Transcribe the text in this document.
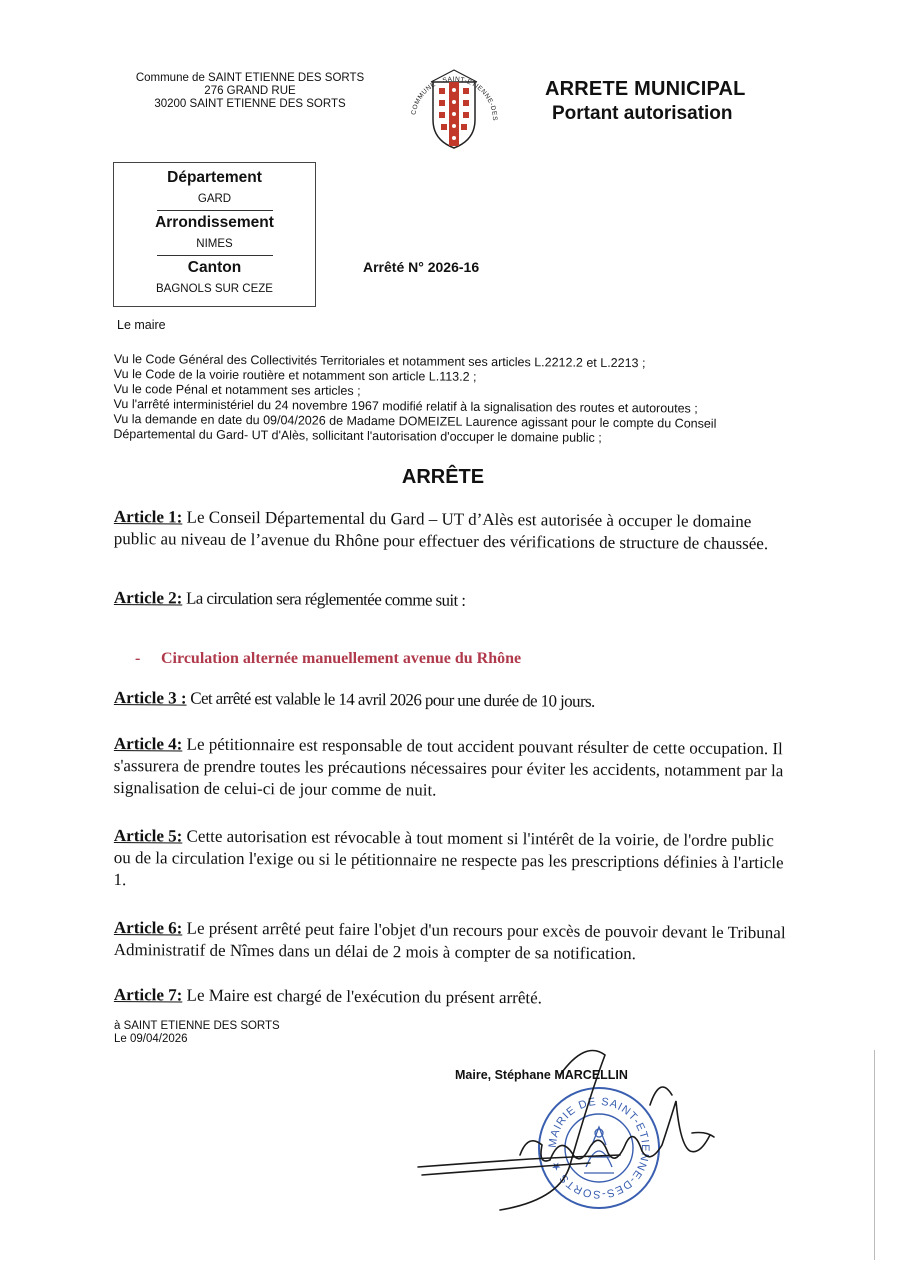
Commune de SAINT ETIENNE DES SORTS
276 GRAND RUE
30200 SAINT ETIENNE DES SORTS
COMMUNE · SAINT-ETIENNE-DES
ARRETE MUNICIPAL
Portant autorisation
Département
GARD
Arrondissement
NIMES
Canton
BAGNOLS SUR CEZE
Arrêté N° 2026-16
Le maire
Vu le Code Général des Collectivités Territoriales et notamment ses articles L.2212.2 et L.2213 ;
Vu le Code de la voirie routière et notamment son article L.113.2 ;
Vu le code Pénal et notamment ses articles ;
Vu l'arrêté interministériel du 24 novembre 1967 modifié relatif à la signalisation des routes et autoroutes ;
Vu la demande en date du 09/04/2026 de Madame DOMEIZEL Laurence agissant pour le compte du Conseil
Départemental du Gard- UT d'Alès, sollicitant l'autorisation d'occuper le domaine public ;
ARRÊTE
Article 1: Le Conseil Départemental du Gard – UT d’Alès est autorisée à occuper le domaine public au niveau de l’avenue du Rhône pour effectuer des vérifications de structure de chaussée.
Article 2: La circulation sera réglementée comme suit :
- Circulation alternée manuellement avenue du Rhône
Article 3 : Cet arrêté est valable le 14 avril 2026 pour une durée de 10 jours.
Article 4: Le pétitionnaire est responsable de tout accident pouvant résulter de cette occupation. Il s'assurera de prendre toutes les précautions nécessaires pour éviter les accidents, notamment par la signalisation de celui-ci de jour comme de nuit.
Article 5: Cette autorisation est révocable à tout moment si l'intérêt de la voirie, de l'ordre public ou de la circulation l'exige ou si le pétitionnaire ne respecte pas les prescriptions définies à l'article 1.
Article 6: Le présent arrêté peut faire l'objet d'un recours pour excès de pouvoir devant le Tribunal Administratif de Nîmes dans un délai de 2 mois à compter de sa notification.
Article 7: Le Maire est chargé de l'exécution du présent arrêté.
à SAINT ETIENNE DES SORTS
Le 09/04/2026
MAIRIE DE SAINT-ETIENNE-DES-SORTS ★
Maire, Stéphane MARCELLIN
